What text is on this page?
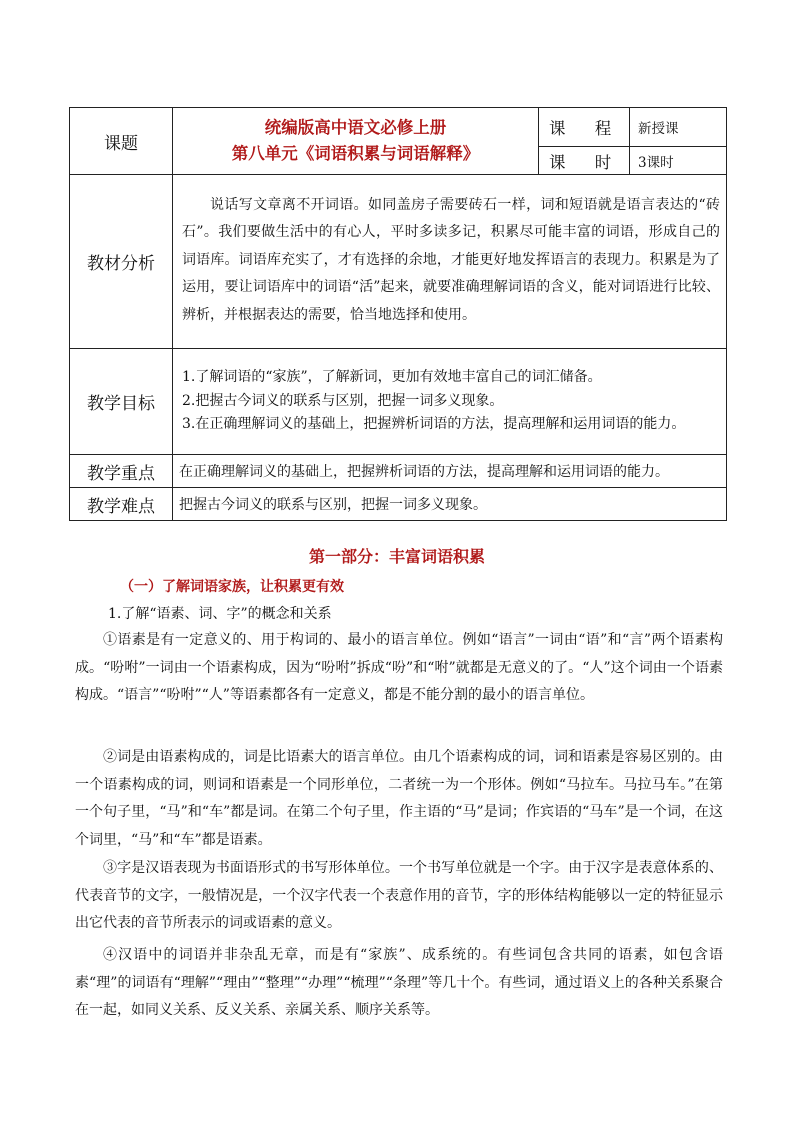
课题	统编版高中语文必修上册
第八单元《词语积累与词语解释》	课 程	新授课
		课 时	3课时
教材分析	说话写文章离不开词语。如同盖房子需要砖石一样，词和短语就是语言表达的“砖石”。我们要做生活中的有心人，平时多读多记，积累尽可能丰富的词语，形成自己的词语库。词语库充实了，才有选择的余地，才能更好地发挥语言的表现力。积累是为了运用，要让词语库中的词语“活”起来，就要准确理解词语的含义，能对词语进行比较、辨析，并根据表达的需要，恰当地选择和使用。		

教学目标	1.了解词语的“家族”，了解新词，更加有效地丰富自己的词汇储备。
2.把握古今词义的联系与区别，把握一词多义现象。
3.在正确理解词义的基础上，把握辨析词语的方法，提高理解和运用词语的能力。		

教学重点	在正确理解词义的基础上，把握辨析词语的方法，提高理解和运用词语的能力。		
教学难点	把握古今词义的联系与区别，把握一词多义现象。		
第一部分：丰富词语积累
（一）了解词语家族，让积累更有效
1.了解“语素、词、字”的概念和关系

①语素是有一定意义的、用于构词的、最小的语言单位。例如“语言”一词由“语”和“言”两个语素构成。“吩咐”一词由一个语素构成，因为“吩咐”拆成“吩”和“咐”就都是无意义的了。“人”这个词由一个语素构成。“语言”“吩咐”“人”等语素都各有一定意义，都是不能分割的最小的语言单位。

②词是由语素构成的，词是比语素大的语言单位。由几个语素构成的词，词和语素是容易区别的。由一个语素构成的词，则词和语素是一个同形单位，二者统一为一个形体。例如“马拉车。马拉马车。”在第一个句子里，“马”和“车”都是词。在第二个句子里，作主语的“马”是词；作宾语的“马车”是一个词，在这个词里，“马”和“车”都是语素。

③字是汉语表现为书面语形式的书写形体单位。一个书写单位就是一个字。由于汉字是表意体系的、代表音节的文字，一般情况是，一个汉字代表一个表意作用的音节，字的形体结构能够以一定的特征显示出它代表的音节所表示的词或语素的意义。

④汉语中的词语并非杂乱无章，而是有“家族”、成系统的。有些词包含共同的语素，如包含语素“理”的词语有“理解”“理由”“整理”“办理”“梳理”“条理”等几十个。有些词，通过语义上的各种关系聚合在一起，如同义关系、反义关系、亲属关系、顺序关系等。
